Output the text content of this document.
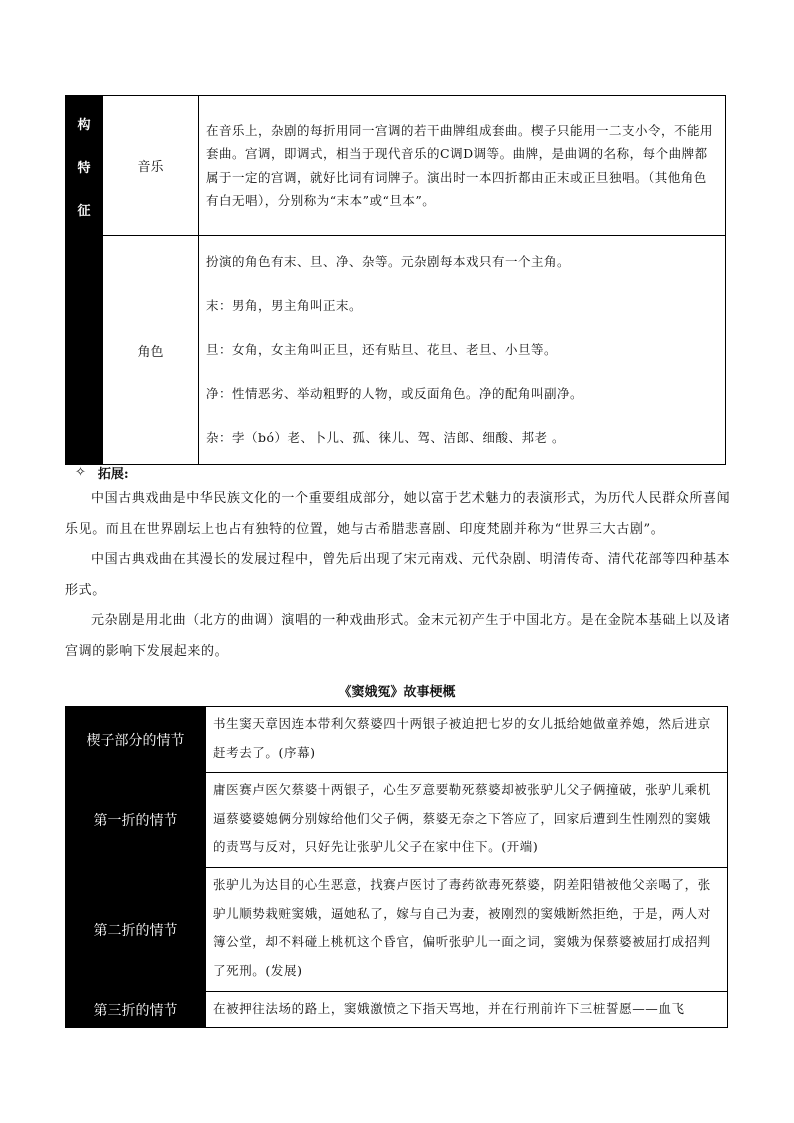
构
特
征	音乐	在音乐上，杂剧的每折用同一宫调的若干曲牌组成套曲。楔子只能用一二支小令，不能用套曲。宫调，即调式，相当于现代音乐的C调D调等。曲牌，是曲调的名称，每个曲牌都属于一定的宫调，就好比词有词牌子。演出时一本四折都由正末或正旦独唱。（其他角色有白无唱），分别称为“末本”或“旦本”。
	角色	扮演的角色有末、旦、净、杂等。元杂剧每本戏只有一个主角。

末：男角，男主角叫正末。

旦：女角，女主角叫正旦，还有贴旦、花旦、老旦、小旦等。

净：性情恶劣、举动粗野的人物，或反面角色。净的配角叫副净。

杂：孛（bó）老、卜儿、孤、徕儿、驾、洁郎、细酸、邦老 。

✧ 拓展:

中国古典戏曲是中华民族文化的一个重要组成部分，她以富于艺术魅力的表演形式，为历代人民群众所喜闻乐见。而且在世界剧坛上也占有独特的位置，她与古希腊悲喜剧、印度梵剧并称为“世界三大古剧”。

中国古典戏曲在其漫长的发展过程中，曾先后出现了宋元南戏、元代杂剧、明清传奇、清代花部等四种基本形式。

元杂剧是用北曲（北方的曲调）演唱的一种戏曲形式。金末元初产生于中国北方。是在金院本基础上以及诸宫调的影响下发展起来的。

《窦娥冤》故事梗概
楔子部分的情节	书生窦天章因连本带利欠蔡婆四十两银子被迫把七岁的女儿抵给她做童养媳，然后进京赶考去了。(序幕)
第一折的情节	庸医赛卢医欠蔡婆十两银子，心生歹意要勒死蔡婆却被张驴儿父子俩撞破，张驴儿乘机逼蔡婆婆媳俩分别嫁给他们父子俩，蔡婆无奈之下答应了，回家后遭到生性刚烈的窦娥的责骂与反对，只好先让张驴儿父子在家中住下。(开端)
第二折的情节	张驴儿为达目的心生恶意，找赛卢医讨了毒药欲毒死蔡婆，阴差阳错被他父亲喝了，张驴儿顺势栽赃窦娥，逼她私了，嫁与自己为妻，被刚烈的窦娥断然拒绝，于是，两人对簿公堂，却不料碰上桃杌这个昏官，偏听张驴儿一面之词，窦娥为保蔡婆被屈打成招判了死刑。(发展)
第三折的情节	在被押往法场的路上，窦娥激愤之下指天骂地，并在行刑前许下三桩誓愿——血飞
